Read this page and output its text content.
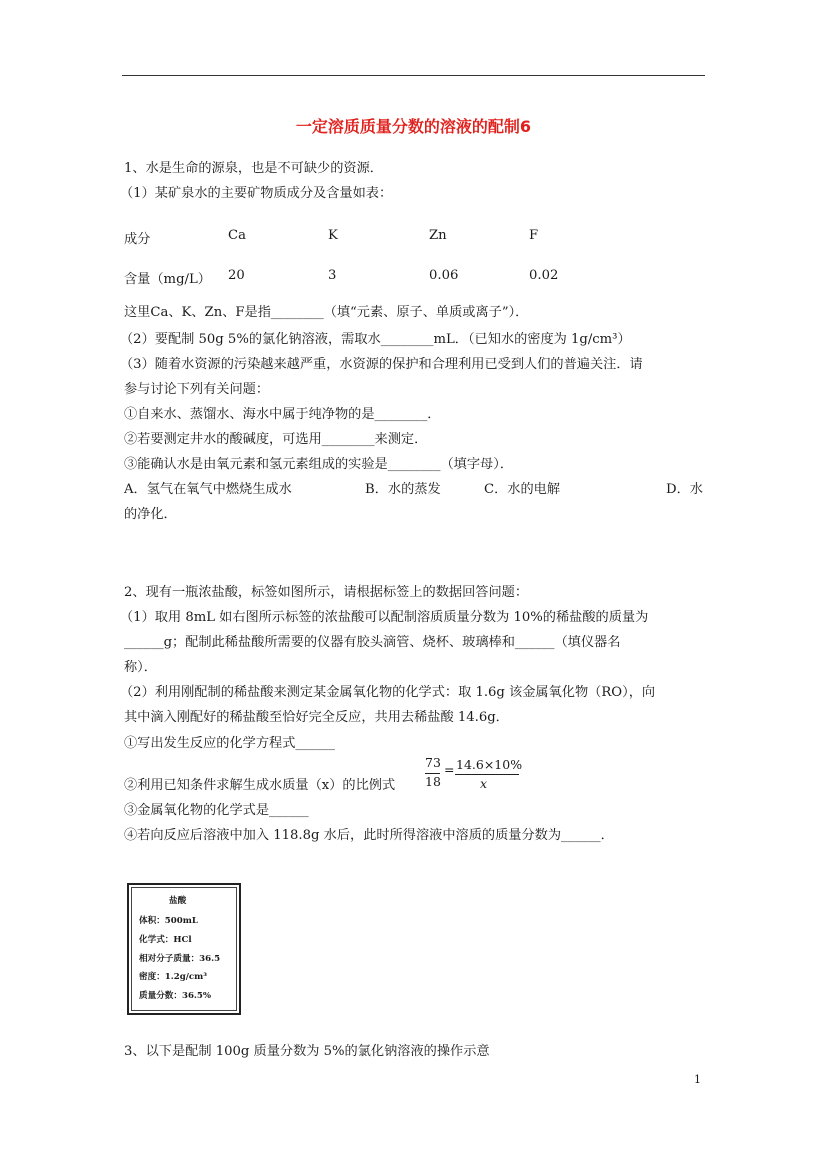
一定溶质质量分数的溶液的配制6
1、水是生命的源泉，也是不可缺少的资源．
（1）某矿泉水的主要矿物质成分及含量如表：
成分	Ca	K	Zn	F
含量（mg/L） 20	3	0.06	0.02
这里Ca、K、Zn、F是指________（填“元素、原子、单质或离子”）．
（2）要配制 50g 5%的氯化钠溶液，需取水________mL．（已知水的密度为 1g/cm³）
（3）随着水资源的污染越来越严重，水资源的保护和合理利用已受到人们的普遍关注．请
参与讨论下列有关问题：
①自来水、蒸馏水、海水中属于纯净物的是________．
②若要测定井水的酸碱度，可选用________来测定．
③能确认水是由氧元素和氢元素组成的实验是________（填字母）．
A．氢气在氧气中燃烧生成水	B．水的蒸发	C．水的电解	D．水
的净化．
2、现有一瓶浓盐酸，标签如图所示，请根据标签上的数据回答问题：
（1）取用 8mL 如右图所示标签的浓盐酸可以配制溶质质量分数为 10%的稀盐酸的质量为
______g；配制此稀盐酸所需要的仪器有胶头滴管、烧杯、玻璃棒和______（填仪器名
称）．
（2）利用刚配制的稀盐酸来测定某金属氧化物的化学式：取 1.6g 该金属氧化物（RO），向
其中滴入刚配好的稀盐酸至恰好完全反应，共用去稀盐酸 14.6g．
①写出发生反应的化学方程式______
②利用已知条件求解生成水质量（x）的比例式
73
18
= 14.6×10%
x
③金属氧化物的化学式是______
④若向反应后溶液中加入 118.8g 水后，此时所得溶液中溶质的质量分数为______．
盐酸
体积：500mL
化学式：HCl
相对分子质量：36.5
密度：1.2g/cm³
质量分数：36.5%
3、以下是配制 100g 质量分数为 5%的氯化钠溶液的操作示意
1
